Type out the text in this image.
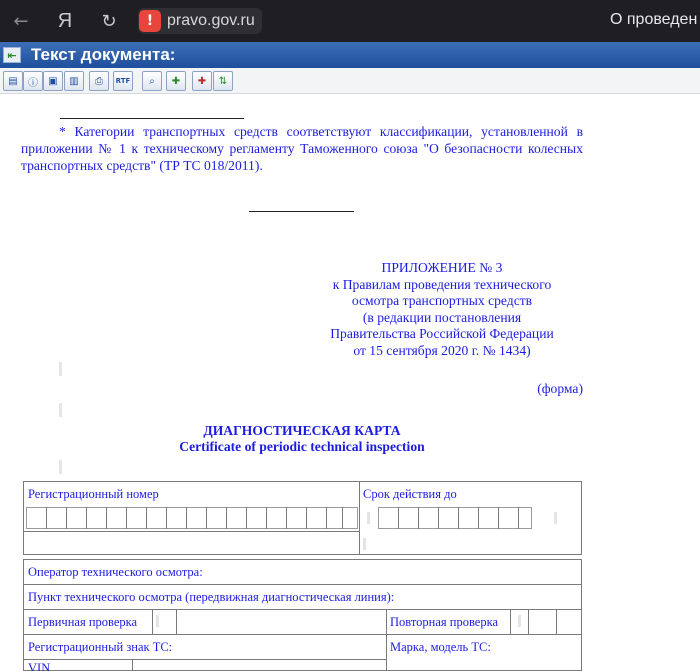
←	Я	↻	! pravo.gov.ru	О проведен
⇤ Текст документа:
▤	ⓘ	▣	▥	⎙	RTF	⌕	✚	✚	⇅
* Категории транспортных средств соответствуют классификации, установленной в приложении № 1 к техническому регламенту Таможенного союза "О безопасности колесных транспортных средств" (ТР ТС 018/2011).
ПРИЛОЖЕНИЕ № 3
к Правилам проведения технического
осмотра транспортных средств
(в редакции постановления
Правительства Российской Федерации
от 15 сентября 2020 г. № 1434)
(форма)
ДИАГНОСТИЧЕСКАЯ КАРТА
Certificate of periodic technical inspection
Регистрационный номер	Срок действия до
Оператор технического осмотра:
Пункт технического осмотра (передвижная диагностическая линия):
Первичная проверка	Повторная проверка
Регистрационный знак ТС:	Марка, модель ТС:
VIN
